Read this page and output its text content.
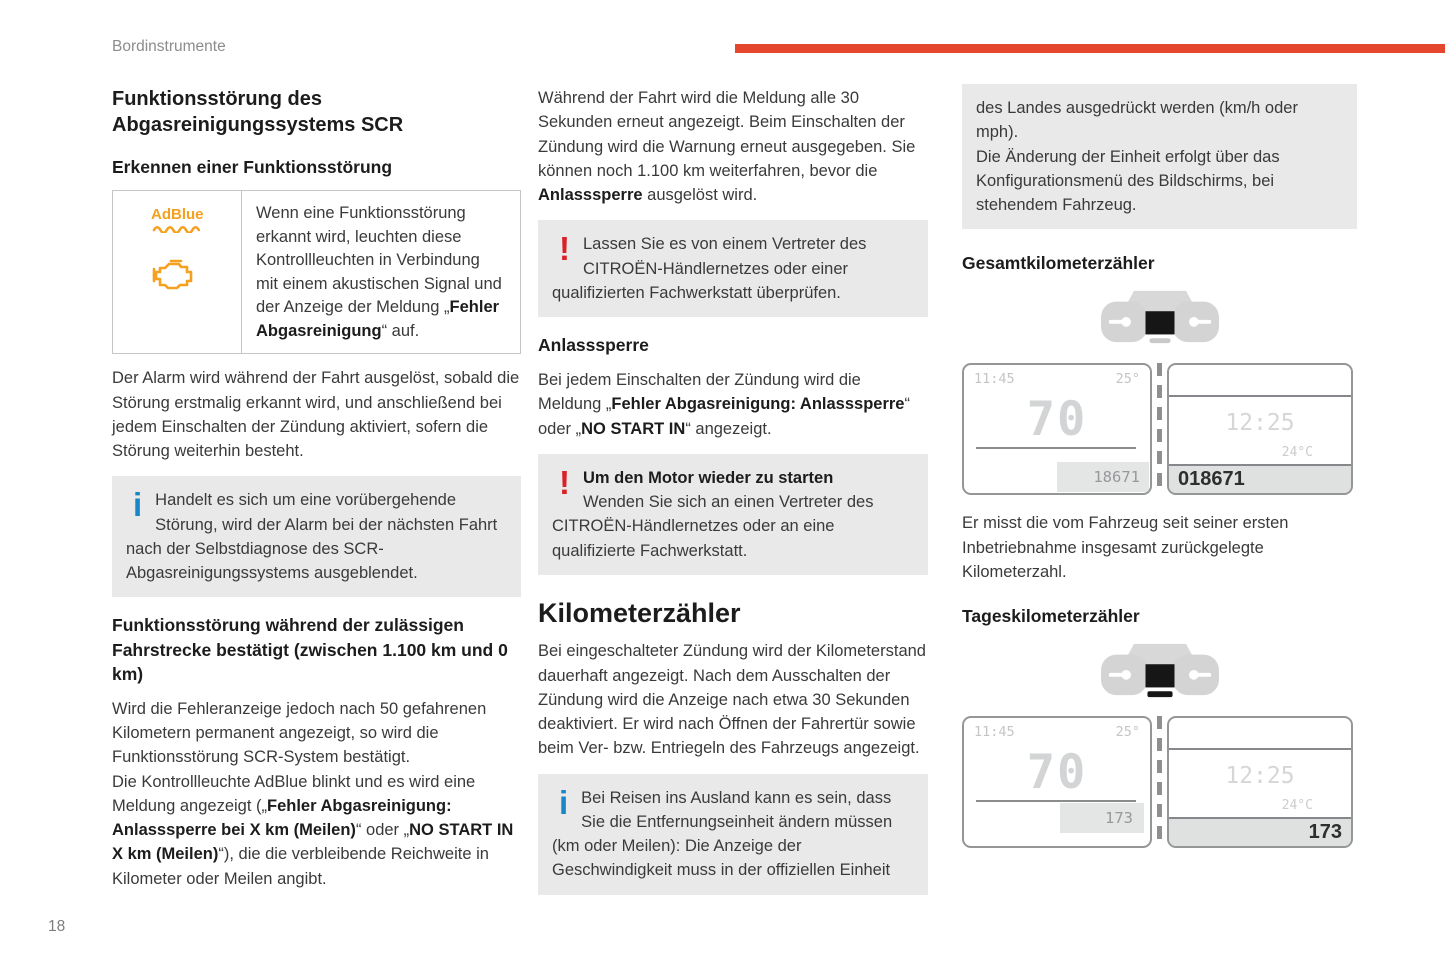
Bordinstrumente
Funktionsstörung des Abgasreinigungssystems SCR
Erkennen einer Funktionsstörung
AdBlue	Wenn eine Funktionsstörung erkannt wird, leuchten diese Kontrollleuchten in Verbindung mit einem akustischen Signal und der Anzeige der Meldung „Fehler Abgasreinigung“ auf.

Der Alarm wird während der Fahrt ausgelöst, sobald die Störung erstmalig erkannt wird, und anschließend bei jedem Einschalten der Zündung aktiviert, sofern die Störung weiterhin besteht.

i Handelt es sich um eine vorübergehende Störung, wird der Alarm bei der nächsten Fahrt nach der Selbstdiagnose des SCR-Abgasreinigungssystems ausgeblendet.
Funktionsstörung während der zulässigen Fahrstrecke bestätigt (zwischen 1.100 km und 0 km)

Wird die Fehleranzeige jedoch nach 50 gefahrenen Kilometern permanent angezeigt, so wird die Funktionsstörung SCR-System bestätigt.
Die Kontrollleuchte AdBlue blinkt und es wird eine Meldung angezeigt („Fehler Abgasreinigung: Anlasssperre bei X km (Meilen)“ oder „NO START IN X km (Meilen)“), die die verbleibende Reichweite in Kilometer oder Meilen angibt.

Während der Fahrt wird die Meldung alle 30 Sekunden erneut angezeigt. Beim Einschalten der Zündung wird die Warnung erneut ausgegeben. Sie können noch 1.100 km weiterfahren, bevor die Anlasssperre ausgelöst wird.

! Lassen Sie es von einem Vertreter des CITROËN-Händlernetzes oder einer qualifizierten Fachwerkstatt überprüfen.
Anlasssperre

Bei jedem Einschalten der Zündung wird die Meldung „Fehler Abgasreinigung: Anlasssperre“ oder „NO START IN“ angezeigt.

! Um den Motor wieder zu starten
Wenden Sie sich an einen Vertreter des CITROËN-Händlernetzes oder an eine qualifizierte Fachwerkstatt.
Kilometerzähler

Bei eingeschalteter Zündung wird der Kilometerstand dauerhaft angezeigt. Nach dem Ausschalten der Zündung wird die Anzeige nach etwa 30 Sekunden deaktiviert. Er wird nach Öffnen der Fahrertür sowie beim Ver- bzw. Entriegeln des Fahrzeugs angezeigt.

i Bei Reisen ins Ausland kann es sein, dass Sie die Entfernungseinheit ändern müssen (km oder Meilen): Die Anzeige der Geschwindigkeit muss in der offiziellen Einheit
des Landes ausgedrückt werden (km/h oder mph).
Die Änderung der Einheit erfolgt über das Konfigurationsmenü des Bildschirms, bei stehendem Fahrzeug.
Gesamtkilometerzähler
11:45	25°
70
18671
12:25
24°C
018671

Er misst die vom Fahrzeug seit seiner ersten Inbetriebnahme insgesamt zurückgelegte Kilometerzahl.

Tageskilometerzähler
11:45	25°
70
173
12:25
24°C
173
18
